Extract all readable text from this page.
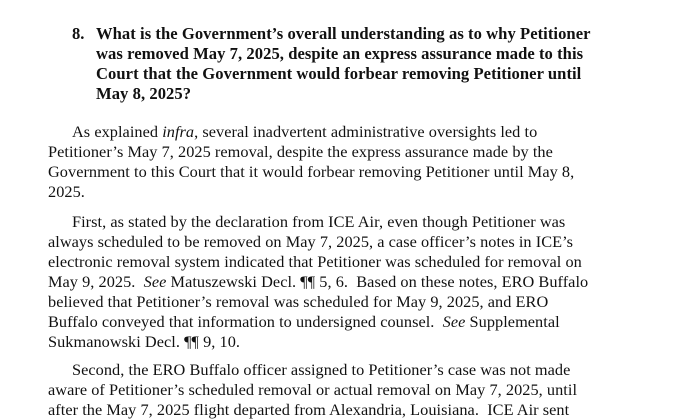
8. What is the Government’s overall understanding as to why Petitioner
was removed May 7, 2025, despite an express assurance made to this
Court that the Government would forbear removing Petitioner until
May 8, 2025?
As explained infra, several inadvertent administrative oversights led to
Petitioner’s May 7, 2025 removal, despite the express assurance made by the
Government to this Court that it would forbear removing Petitioner until May 8,
2025.
First, as stated by the declaration from ICE Air, even though Petitioner was
always scheduled to be removed on May 7, 2025, a case officer’s notes in ICE’s
electronic removal system indicated that Petitioner was scheduled for removal on
May 9, 2025.  See Matuszewski Decl. ¶¶ 5, 6.  Based on these notes, ERO Buffalo
believed that Petitioner’s removal was scheduled for May 9, 2025, and ERO
Buffalo conveyed that information to undersigned counsel.  See Supplemental
Sukmanowski Decl. ¶¶ 9, 10.
Second, the ERO Buffalo officer assigned to Petitioner’s case was not made
aware of Petitioner’s scheduled removal or actual removal on May 7, 2025, until
after the May 7, 2025 flight departed from Alexandria, Louisiana.  ICE Air sent
